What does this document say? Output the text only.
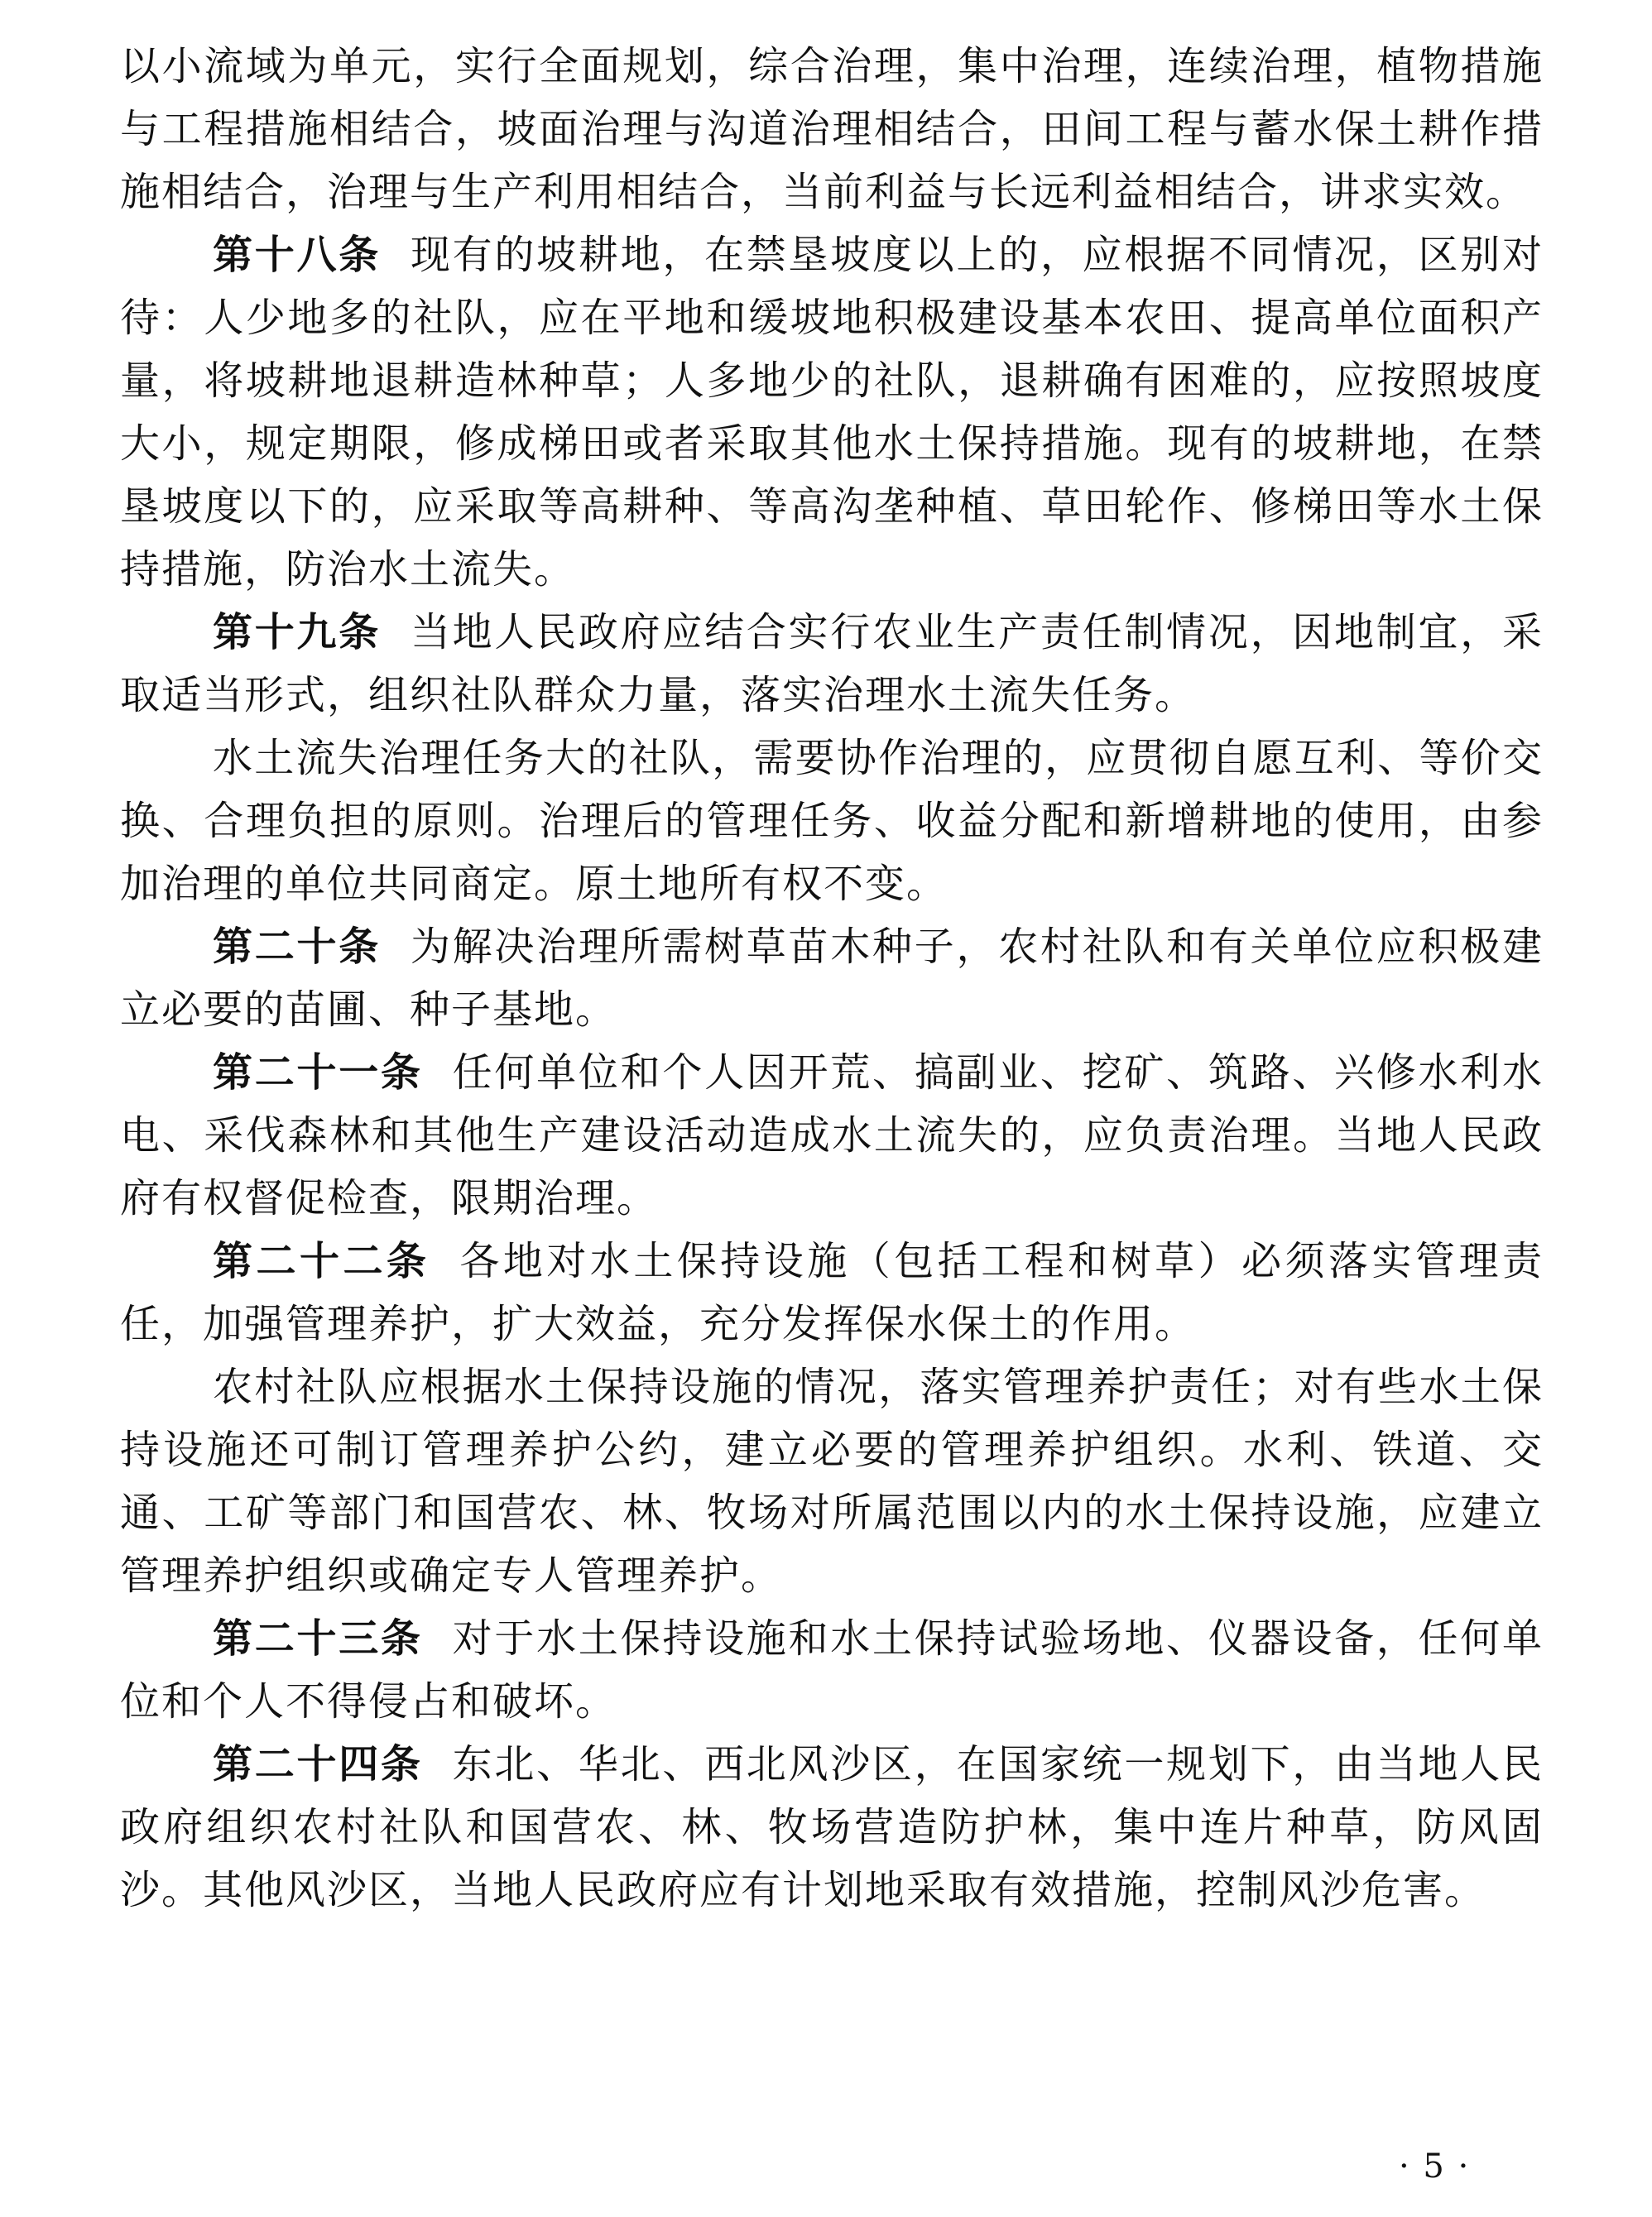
以小流域为单元，实行全面规划，综合治理，集中治理，连续治理，植物措施与工程措施相结合，坡面治理与沟道治理相结合，田间工程与蓄水保土耕作措施相结合，治理与生产利用相结合，当前利益与长远利益相结合，讲求实效。

第十八条 现有的坡耕地，在禁垦坡度以上的，应根据不同情况，区别对待：人少地多的社队，应在平地和缓坡地积极建设基本农田、提高单位面积产量，将坡耕地退耕造林种草；人多地少的社队，退耕确有困难的，应按照坡度大小，规定期限，修成梯田或者采取其他水土保持措施。现有的坡耕地，在禁垦坡度以下的，应采取等高耕种、等高沟垄种植、草田轮作、修梯田等水土保持措施，防治水土流失。

第十九条 当地人民政府应结合实行农业生产责任制情况，因地制宜，采取适当形式，组织社队群众力量，落实治理水土流失任务。

水土流失治理任务大的社队，需要协作治理的，应贯彻自愿互利、等价交换、合理负担的原则。治理后的管理任务、收益分配和新增耕地的使用，由参加治理的单位共同商定。原土地所有权不变。

第二十条 为解决治理所需树草苗木种子，农村社队和有关单位应积极建立必要的苗圃、种子基地。

第二十一条 任何单位和个人因开荒、搞副业、挖矿、筑路、兴修水利水电、采伐森林和其他生产建设活动造成水土流失的，应负责治理。当地人民政府有权督促检查，限期治理。

第二十二条 各地对水土保持设施（包括工程和树草）必须落实管理责任，加强管理养护，扩大效益，充分发挥保水保土的作用。

农村社队应根据水土保持设施的情况，落实管理养护责任；对有些水土保持设施还可制订管理养护公约，建立必要的管理养护组织。水利、铁道、交通、工矿等部门和国营农、林、牧场对所属范围以内的水土保持设施，应建立管理养护组织或确定专人管理养护。

第二十三条 对于水土保持设施和水土保持试验场地、仪器设备，任何单位和个人不得侵占和破坏。

第二十四条 东北、华北、西北风沙区，在国家统一规划下，由当地人民政府组织农村社队和国营农、林、牧场营造防护林，集中连片种草，防风固沙。其他风沙区，当地人民政府应有计划地采取有效措施，控制风沙危害。

· 5 ·
